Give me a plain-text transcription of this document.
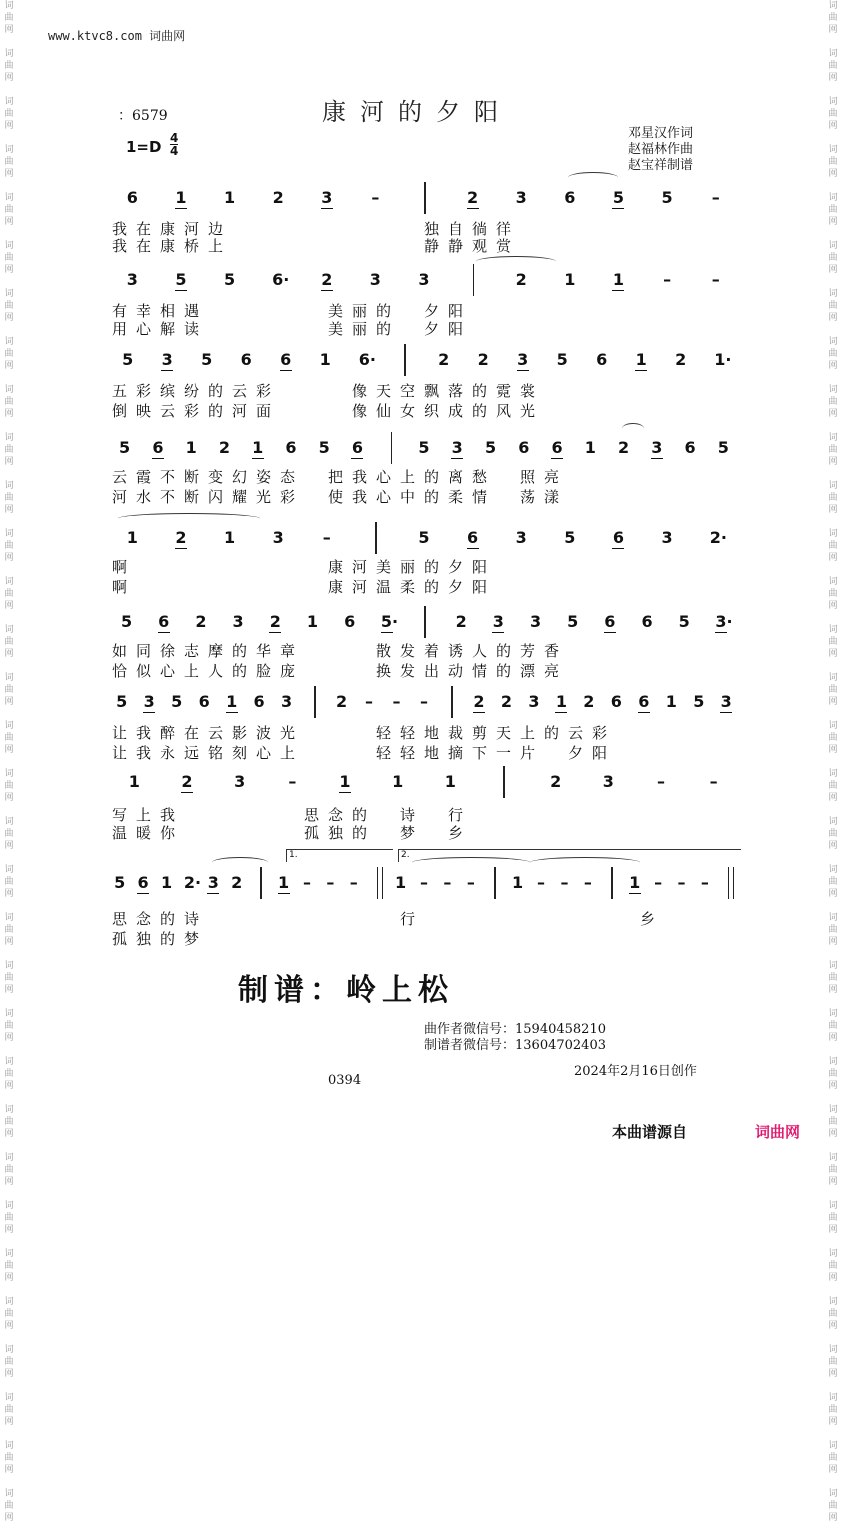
词
曲
网

词
曲
网

词
曲
网

词
曲
网

词
曲
网

词
曲
网

词
曲
网

词
曲
网

词
曲
网

词
曲
网

词
曲
网

词
曲
网

词
曲
网

词
曲
网

词
曲
网

词
曲
网

词
曲
网

词
曲
网

词
曲
网

词
曲
网

词
曲
网

词
曲
网

词
曲
网

词
曲
网

词
曲
网

词
曲
网

词
曲
网

词
曲
网

词
曲
网

词
曲
网

词
曲
网

词
曲
网

词
曲
网

词
曲
网

词
曲
网

词
曲
网

词
曲
网

词
曲
网

词
曲
网

词
曲
网

词
曲
网

词
曲
网

词
曲
网

词
曲
网

词
曲
网

词
曲
网

词
曲
网

词
曲
网

词
曲
网

词
曲
网

词
曲
网

词
曲
网

词
曲
网

词
曲
网

词
曲
网

词
曲
网

词
曲
网

词
曲
网

词
曲
网

词
曲
网

词
曲
网

词
曲
网

词
曲
网

词
曲
网

www.ktvc8.com 词曲网
康河的夕阳
：6579
1=D 4
4
邓星汉作词
赵福林作曲
赵宝祥制谱
6 1 1 2 3 –	2 3 6 5 5 –
我 在 康 河 边	独 自 徜 徉
我 在 康 桥 上	静 静 观 赏
3 5 5 6· 2 3 3	2 1 1 –	–
有 幸 相 遇	美 丽 的 夕 阳
用 心 解 读	美 丽 的 夕 阳
5 3 5 6 6 1 6·	2 2 3 5 6 1 2 1·
五 彩 缤 纷 的 云 彩	像 天 空 飘 落 的 霓 裳
倒 映 云 彩 的 河 面	像 仙 女 织 成 的 风 光
5 6 1 2 1 6 5 6	5 3 5 6 6 1 2 3 6 5
云 霞 不 断 变 幻 姿 态 把 我 心 上 的 离 愁 照 亮
河 水 不 断 闪 耀 光 彩 使 我 心 中 的 柔 情 荡 漾
1 2 1 3 –	5 6 3 5 6 3 2·
啊	康 河 美 丽 的 夕 阳
啊	康 河 温 柔 的 夕 阳
5 6 2 3 2 1 6 5·	2 3 3 5 6 6 5 3·
如 同 徐 志 摩 的 华 章	散 发 着 诱 人 的 芳 香
恰 似 心 上 人 的 脸 庞	换 发 出 动 情 的 漂 亮
5 3 5 6 1 6 3	2 – – –	2 2 3 1 2 6 6 1 5 3
让 我 醉 在 云 影 波 光	轻 轻 地 裁 剪 天 上 的 云 彩
让 我 永 远 铭 刻 心 上	轻 轻 地 摘 下 一 片 夕 阳
1	2	3	–	1	1	1	2	3	–	–
写 上 我	思 念 的 诗 行
温 暖 你	孤 独 的 梦 乡
5 6 1 2· 3 2 1 – – – 1 – – – 1 – – – 1 – – –
思 念 的 诗	行	乡
孤 独 的 梦
1.	2.
制谱：岭上松
曲作者微信号：15940458210
制谱者微信号：13604702403
2024年2月16日创作
0394
本曲谱源自	词曲网
